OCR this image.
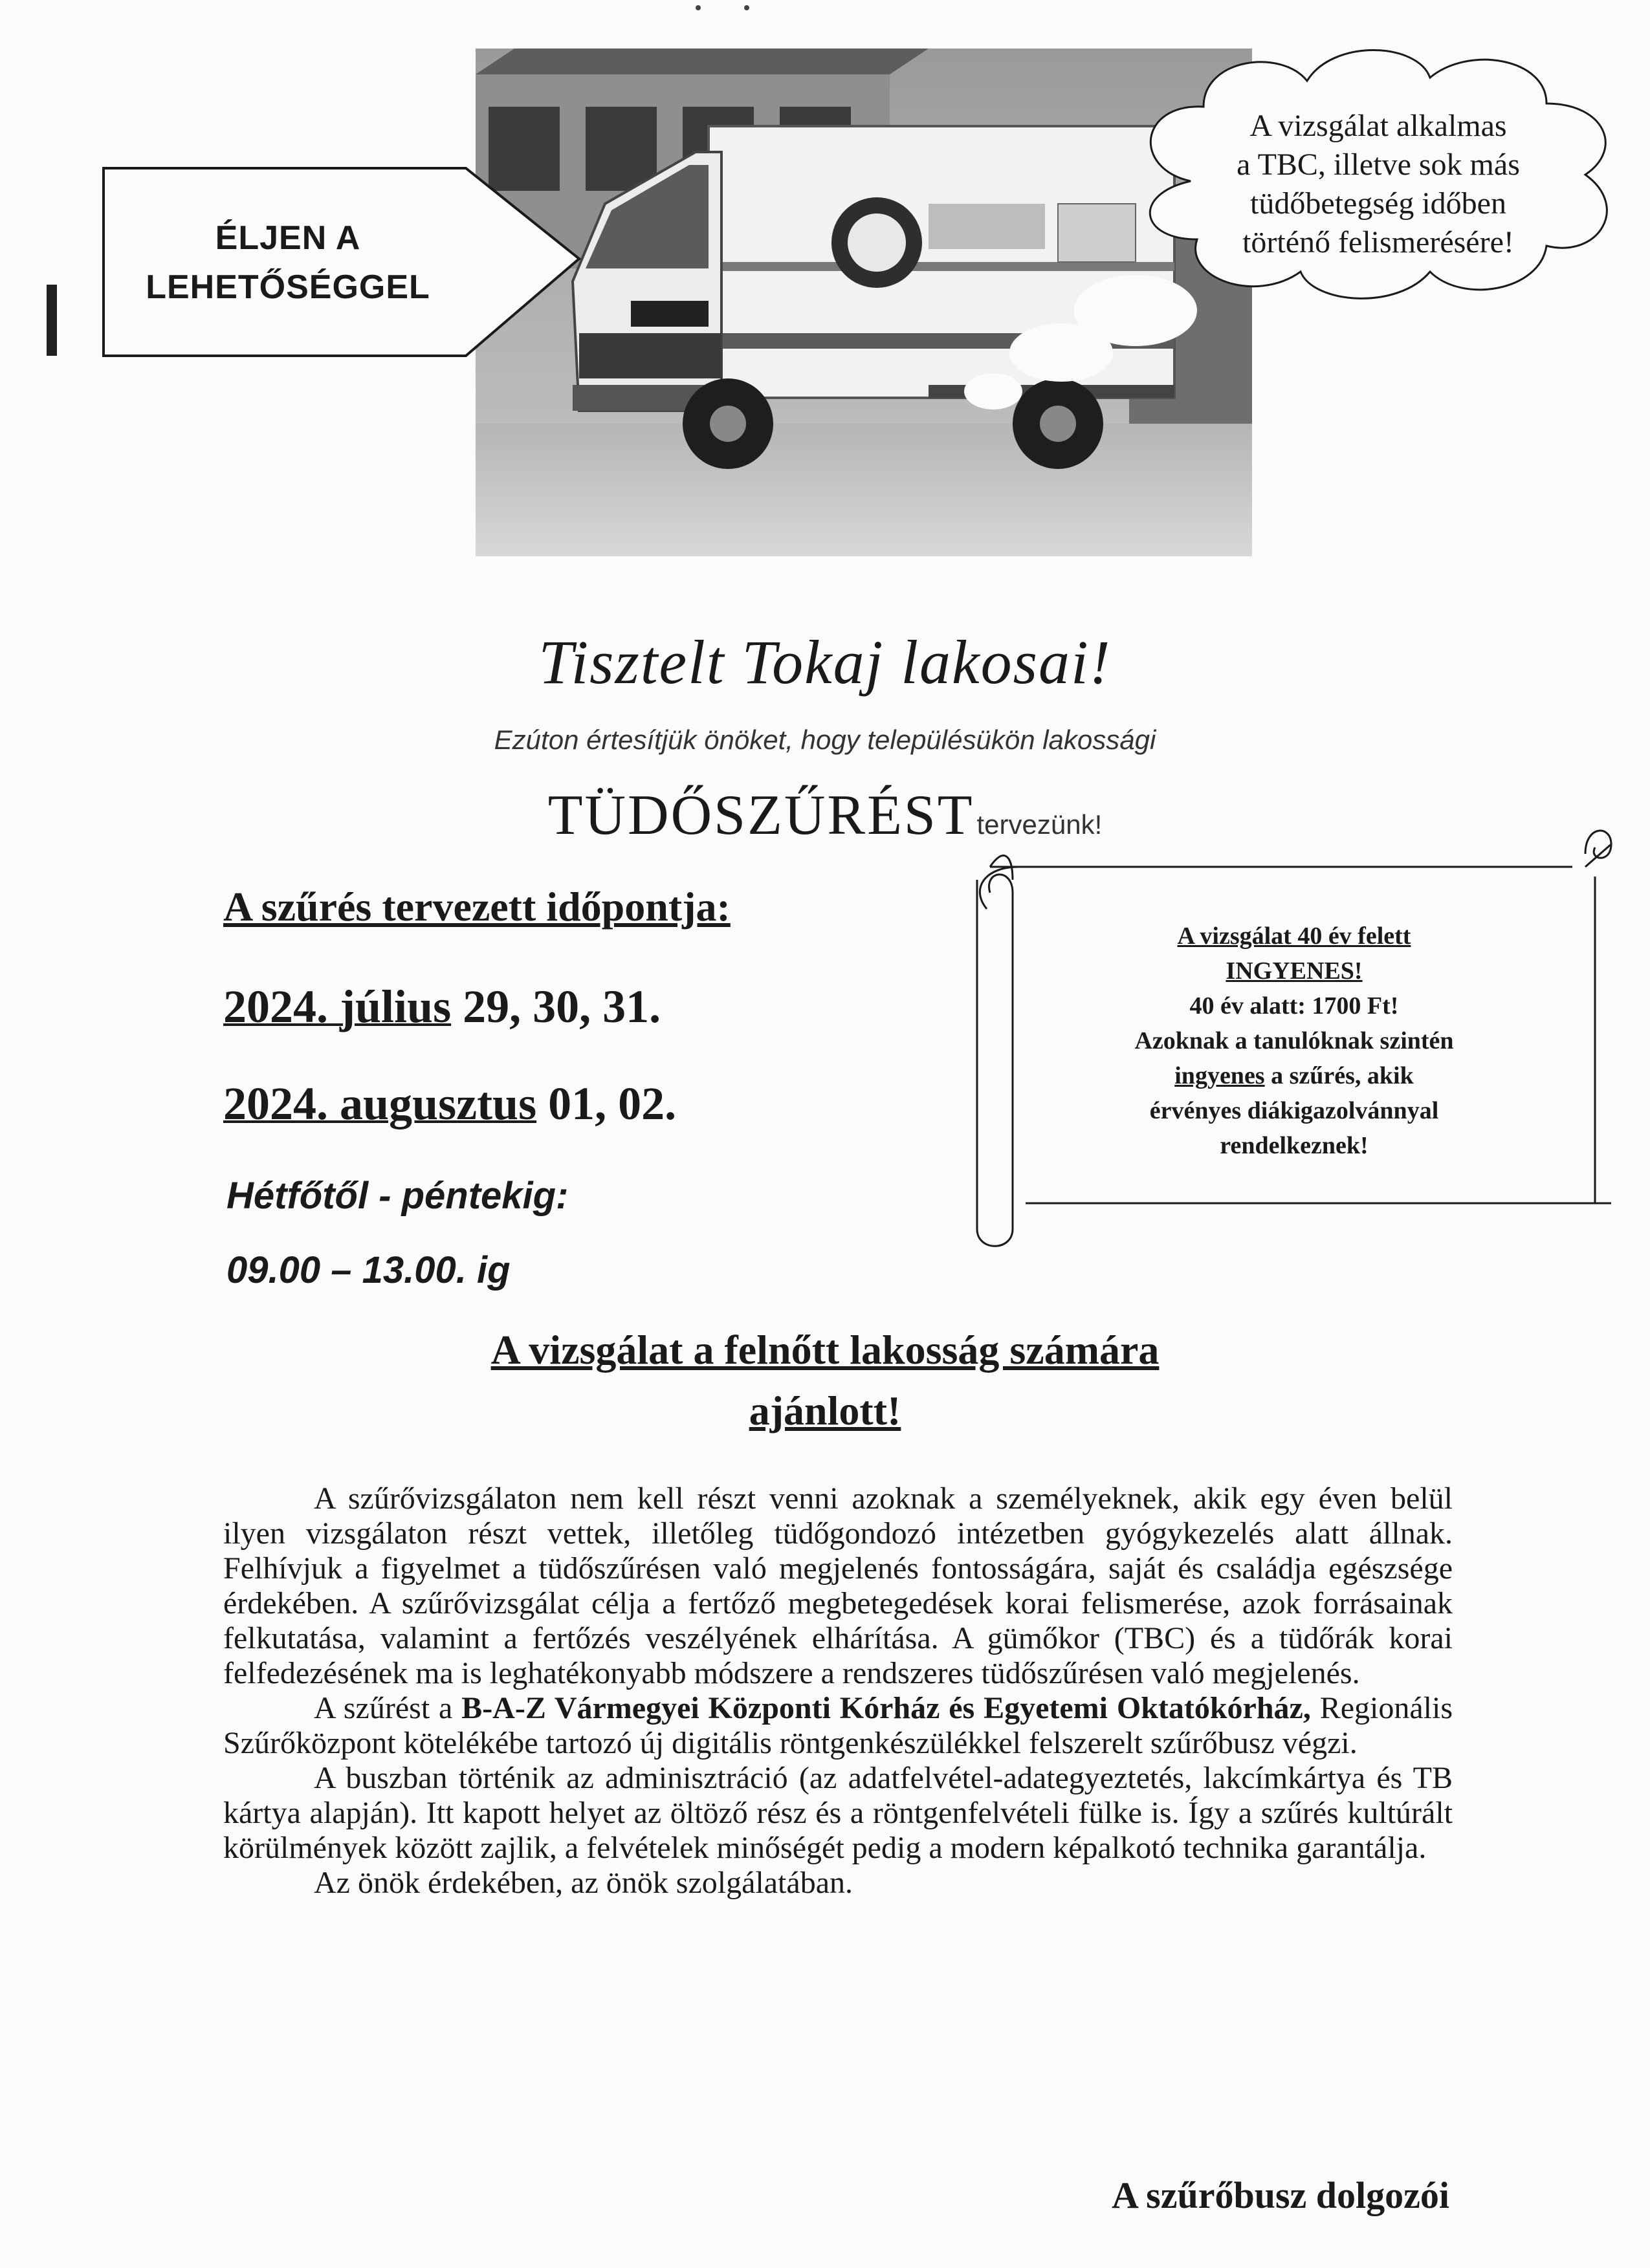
ÉLJEN A
LEHETŐSÉGGEL
A vizsgálat alkalmas
a TBC, illetve sok más
tüdőbetegség időben
történő felismerésére!
Tisztelt Tokaj lakosai!
Ezúton értesítjük önöket, hogy településükön lakossági
TÜDŐSZŰRÉST tervezünk!
A szűrés tervezett időpontja:
2024. július 29, 30, 31.
2024. augusztus 01, 02.
Hétfőtől - péntekig:
09.00 – 13.00. ig
A vizsgálat 40 év felett
INGYENES!
40 év alatt: 1700 Ft!
Azoknak a tanulóknak szintén
ingyenes a szűrés, akik
érvényes diákigazolvánnyal
rendelkeznek!
A vizsgálat a felnőtt lakosság számára
ajánlott!

A szűrővizsgálaton nem kell részt venni azoknak a személyeknek, akik egy éven belül ilyen vizsgálaton részt vettek, illetőleg tüdőgondozó intézetben gyógykezelés alatt állnak. Felhívjuk a figyelmet a tüdőszűrésen való megjelenés fontosságára, saját és családja egészsége érdekében. A szűrővizsgálat célja a fertőző megbetegedések korai felismerése, azok forrásainak felkutatása, valamint a fertőzés veszélyének elhárítása. A gümőkor (TBC) és a tüdőrák korai felfedezésének ma is leghatékonyabb módszere a rendszeres tüdőszűrésen való megjelenés.

A szűrést a B-A-Z Vármegyei Központi Kórház és Egyetemi Oktatókórház, Regionális Szűrőközpont kötelékébe tartozó új digitális röntgenkészülékkel felszerelt szűrőbusz végzi.

A buszban történik az adminisztráció (az adatfelvétel-adategyeztetés, lakcímkártya és TB kártya alapján). Itt kapott helyet az öltöző rész és a röntgenfelvételi fülke is. Így a szűrés kultúrált körülmények között zajlik, a felvételek minőségét pedig a modern képalkotó technika garantálja.

Az önök érdekében, az önök szolgálatában.

A szűrőbusz dolgozói
